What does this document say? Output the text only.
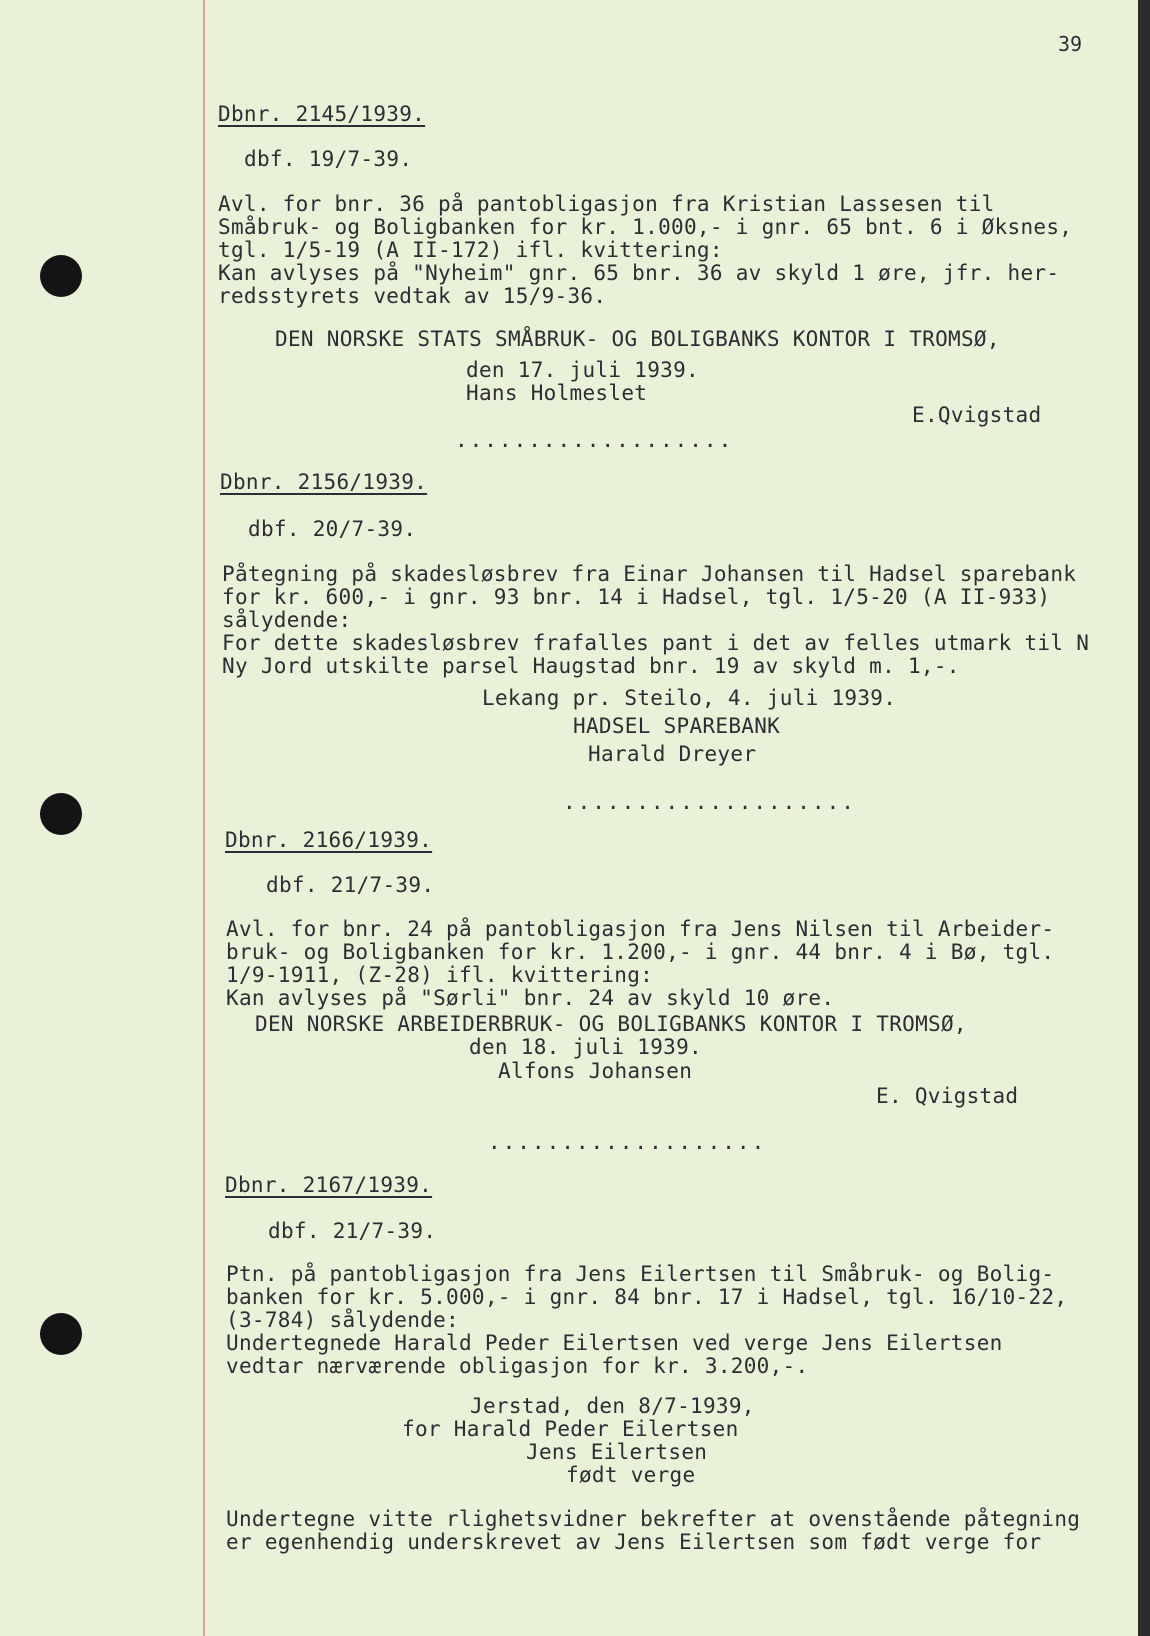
39
Dbnr. 2145/1939.
dbf. 19/7-39.
Avl. for bnr. 36 på pantobligasjon fra Kristian Lassesen til
Småbruk- og Boligbanken for kr. 1.000,- i gnr. 65 bnt. 6 i Øksnes,
tgl. 1/5-19 (A II-172) ifl. kvittering:
Kan avlyses på "Nyheim" gnr. 65 bnr. 36 av skyld 1 øre, jfr. her-
redsstyrets vedtak av 15/9-36.
DEN NORSKE STATS SMÅBRUK- OG BOLIGBANKS KONTOR I TROMSØ,
den 17. juli 1939.
Hans Holmeslet
E.Qvigstad
...................
Dbnr. 2156/1939.
dbf. 20/7-39.
Påtegning på skadesløsbrev fra Einar Johansen til Hadsel sparebank
for kr. 600,- i gnr. 93 bnr. 14 i Hadsel, tgl. 1/5-20 (A II-933)
sålydende:
For dette skadesløsbrev frafalles pant i det av felles utmark til N
Ny Jord utskilte parsel Haugstad bnr. 19 av skyld m. 1,-.
Lekang pr. Steilo, 4. juli 1939.
HADSEL SPAREBANK
Harald Dreyer
....................
Dbnr. 2166/1939.
dbf. 21/7-39.
Avl. for bnr. 24 på pantobligasjon fra Jens Nilsen til Arbeider-
bruk- og Boligbanken for kr. 1.200,- i gnr. 44 bnr. 4 i Bø, tgl.
1/9-1911, (Z-28) ifl. kvittering:
Kan avlyses på "Sørli" bnr. 24 av skyld 10 øre.
DEN NORSKE ARBEIDERBRUK- OG BOLIGBANKS KONTOR I TROMSØ,
den 18. juli 1939.
Alfons Johansen
E. Qvigstad
...................
Dbnr. 2167/1939.
dbf. 21/7-39.
Ptn. på pantobligasjon fra Jens Eilertsen til Småbruk- og Bolig-
banken for kr. 5.000,- i gnr. 84 bnr. 17 i Hadsel, tgl. 16/10-22,
(3-784) sålydende:
Undertegnede Harald Peder Eilertsen ved verge Jens Eilertsen
vedtar nærværende obligasjon for kr. 3.200,-.
Jerstad, den 8/7-1939,
for Harald Peder Eilertsen
Jens Eilertsen
født verge
Undertegne vitte rlighetsvidner bekrefter at ovenstående påtegning
er egenhendig underskrevet av Jens Eilertsen som født verge for
